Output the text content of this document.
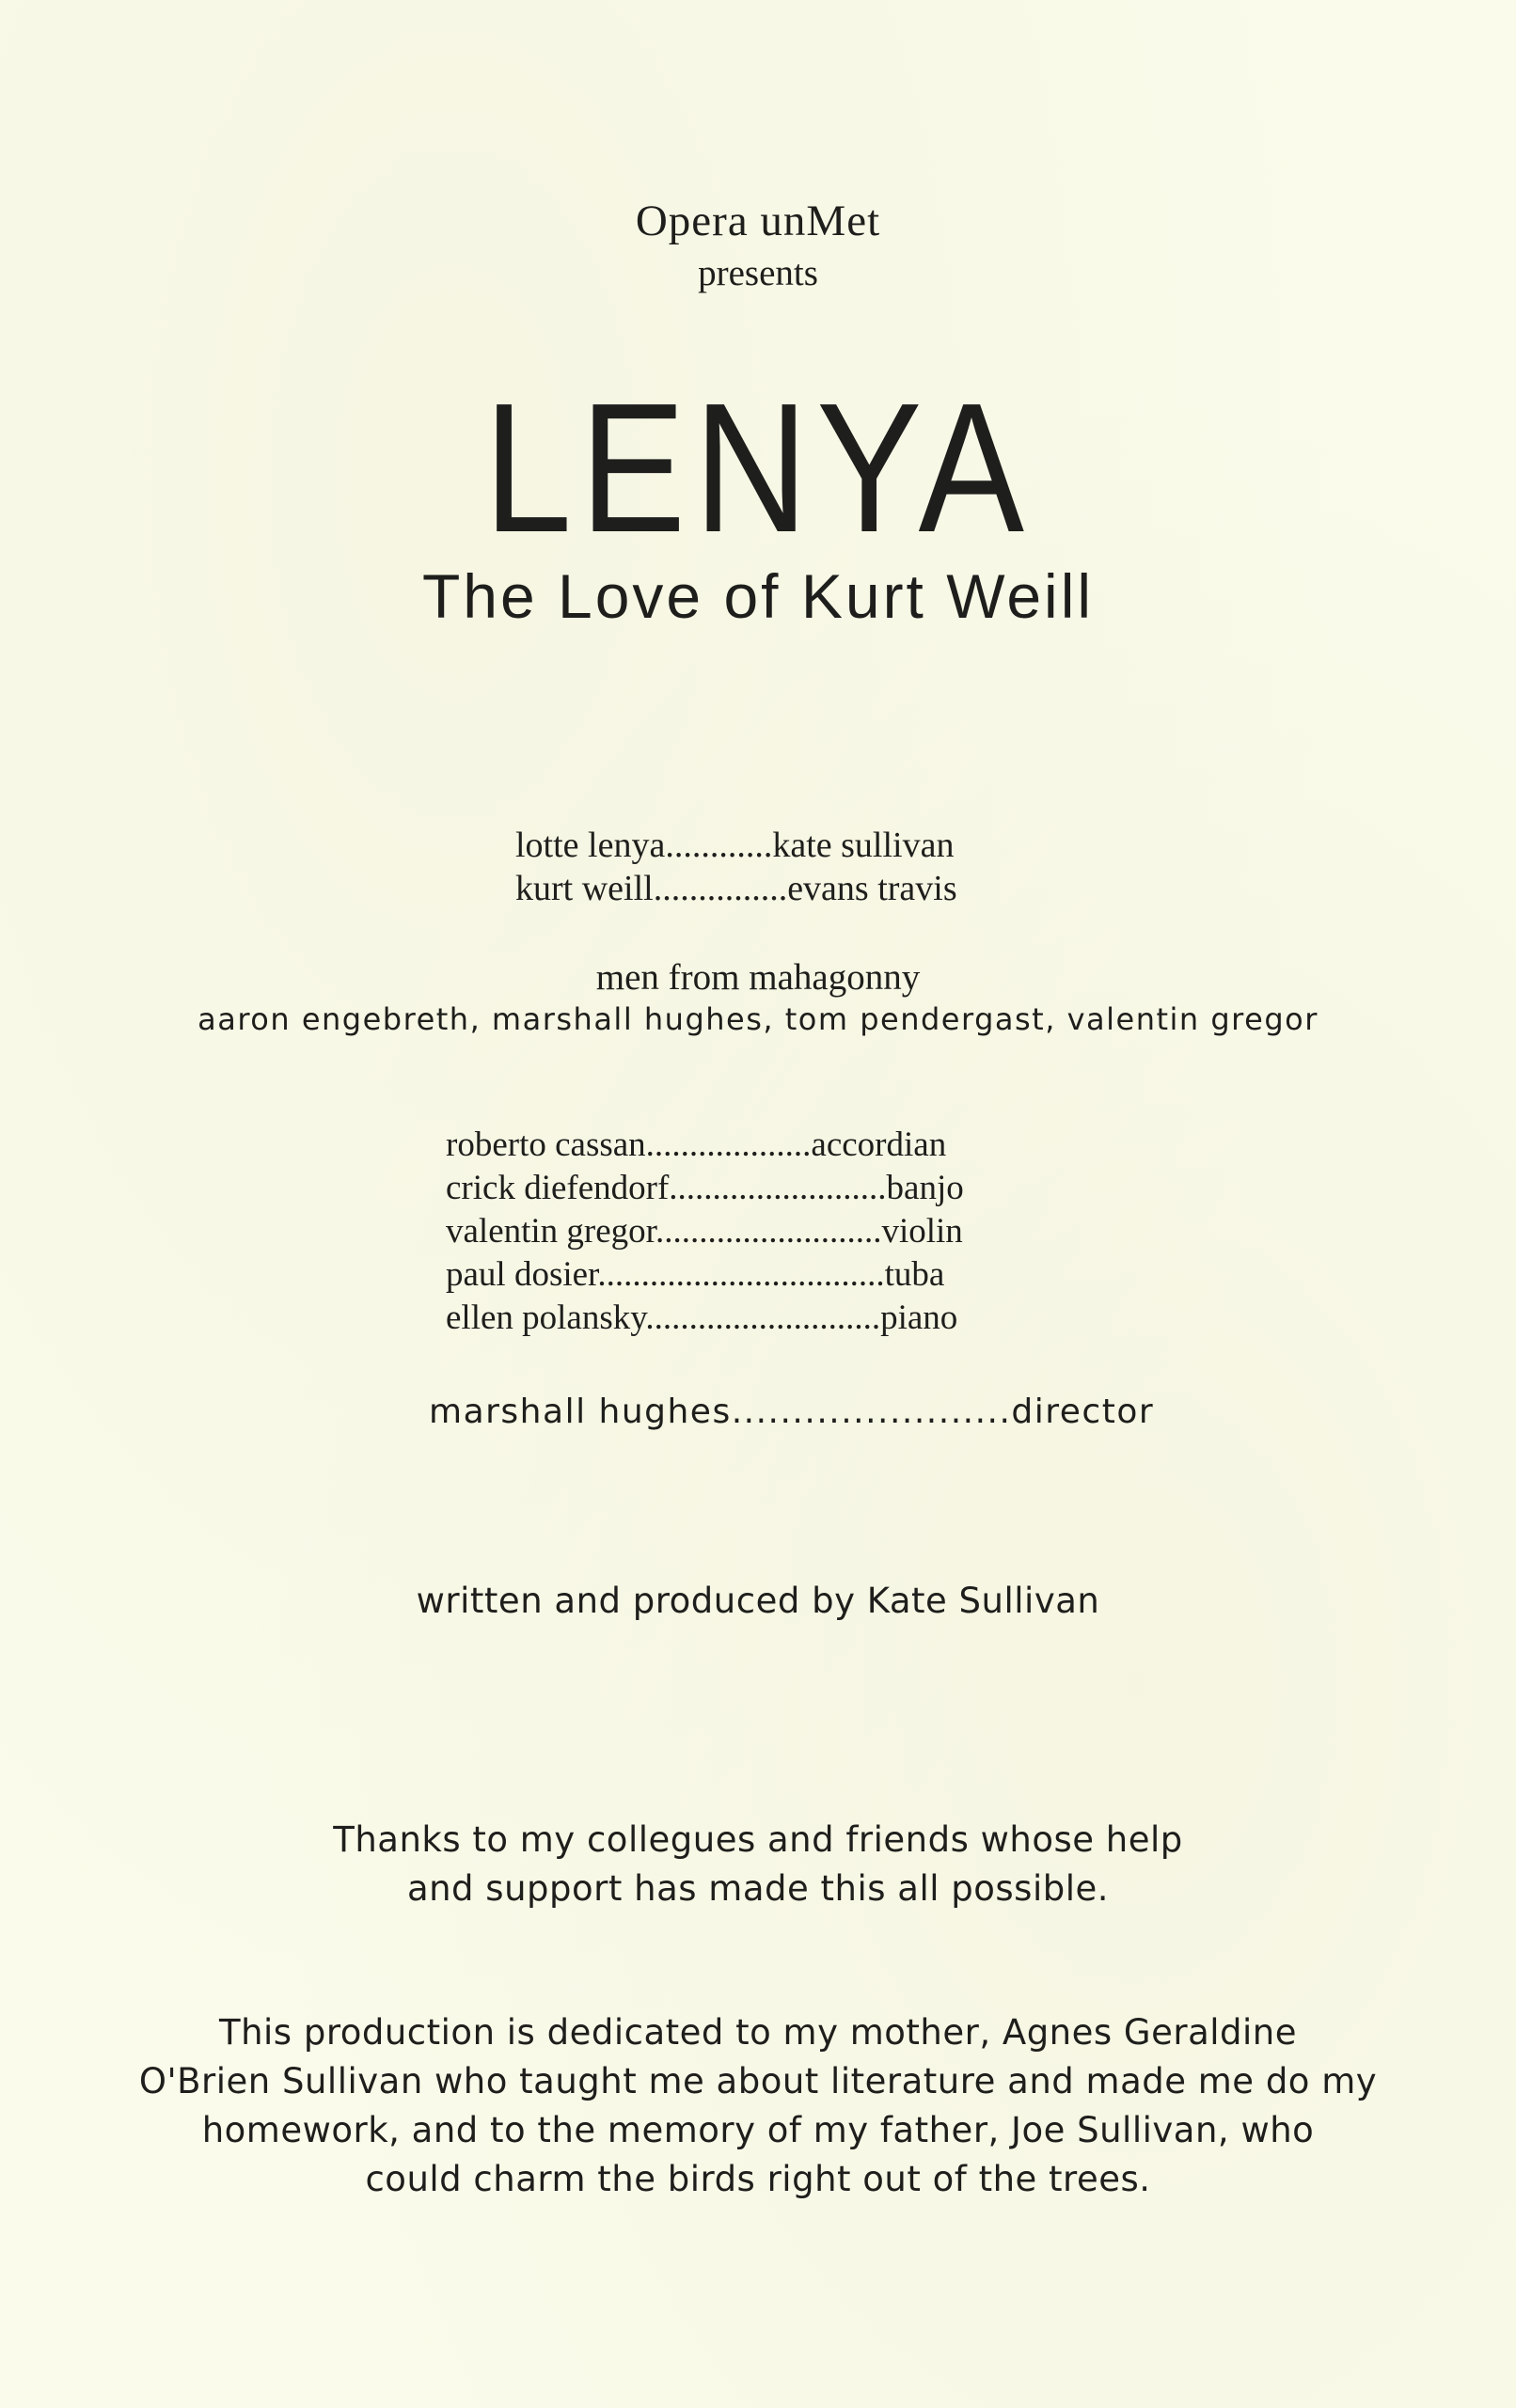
Opera unMet
presents
LENYA
The Love of Kurt Weill
lotte lenya............kate sullivan
kurt weill...............evans travis
men from mahagonny
aaron engebreth, marshall hughes, tom pendergast, valentin gregor
roberto cassan...................accordian
crick diefendorf.........................banjo
valentin gregor..........................violin
paul dosier.................................tuba
ellen polansky...........................piano
marshall hughes.......................director
written and produced by Kate Sullivan
Thanks to my collegues and friends whose help
and support has made this all possible.
This production is dedicated to my mother, Agnes Geraldine
O'Brien Sullivan who taught me about literature and made me do my
homework, and to the memory of my father, Joe Sullivan, who
could charm the birds right out of the trees.
